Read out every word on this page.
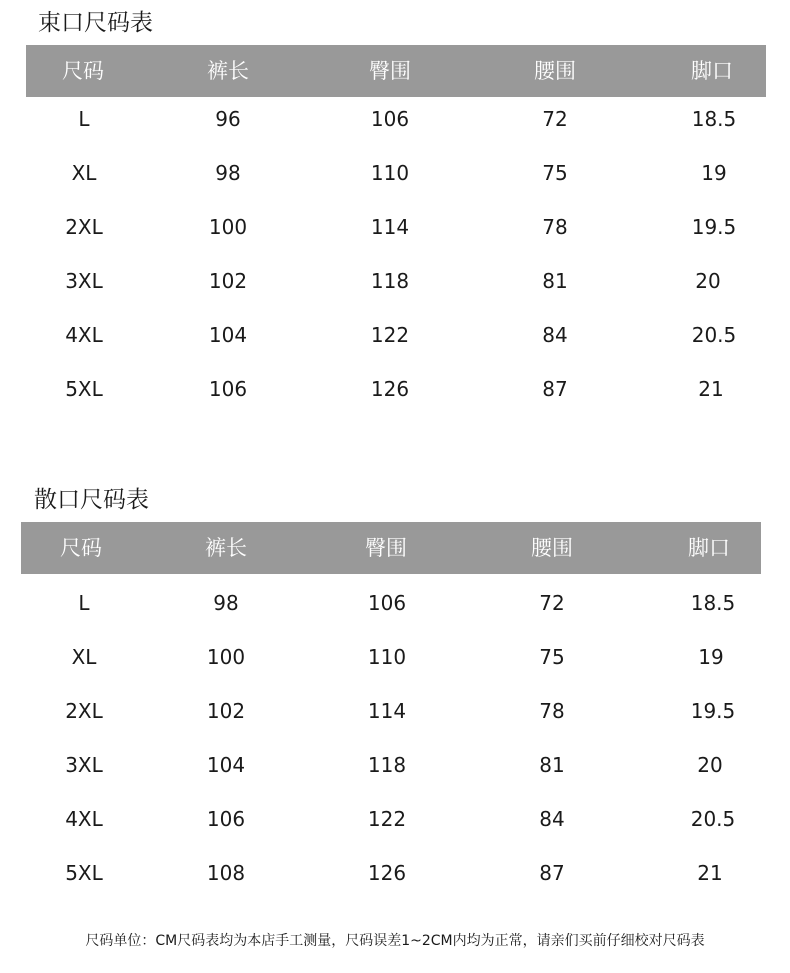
束口尺码表
尺码	裤长	臀围	腰围	脚口
L	96	106	72	18.5
XL	98	110	75	19
2XL	100	114	78	19.5
3XL	102	118	81	20
4XL	104	122	84	20.5
5XL	106	126	87	21
散口尺码表
尺码	裤长	臀围	腰围	脚口
L	98	106	72	18.5
XL	100	110	75	19
2XL	102	114	78	19.5
3XL	104	118	81	20
4XL	106	122	84	20.5
5XL	108	126	87	21
尺码单位：CM尺码表均为本店手工测量，尺码误差1~2CM内均为正常，请亲们买前仔细校对尺码表
